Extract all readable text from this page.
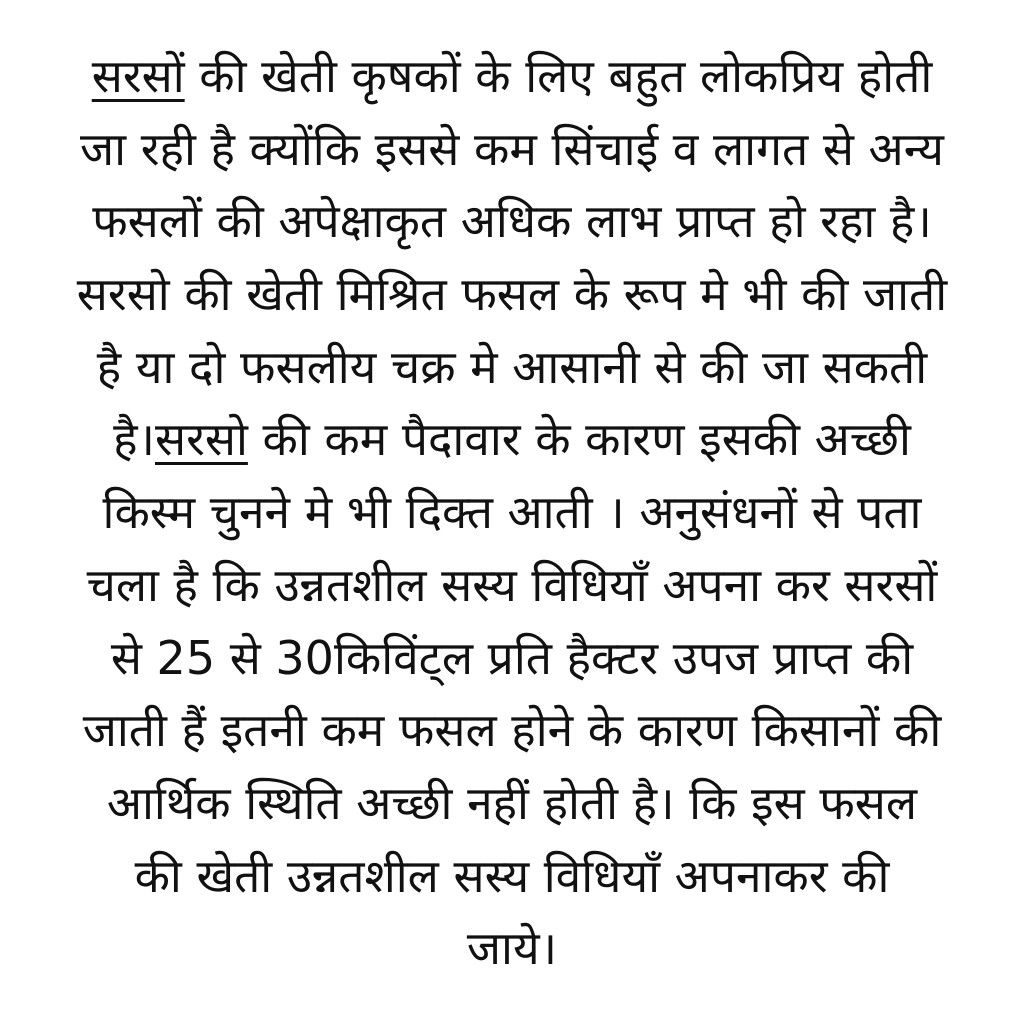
सरसों की खेती कृषकों के लिए बहुत लोकप्रिय होती
जा रही है क्योंकि इससे कम सिंचाई व लागत से अन्य
फसलों की अपेक्षाकृत अधिक लाभ प्राप्त हो रहा है।
सरसो की खेती मिश्रित फसल के रूप मे भी की जाती
है या दो फसलीय चक्र मे आसानी से की जा सकती
है।सरसो की कम पैदावार के कारण इसकी अच्छी
किस्म चुनने मे भी दिक्त आती । अनुसंधनों से पता
चला है कि उन्नतशील सस्य विधियाँ अपना कर सरसों
से 25 से 30किविंट्ल प्रति हैक्टर उपज प्राप्त की
जाती हैं इतनी कम फसल होने के कारण किसानों की
आर्थिक स्थिति अच्छी नहीं होती है। कि इस फसल
की खेती उन्नतशील सस्य विधियाँ अपनाकर की
जाये।
